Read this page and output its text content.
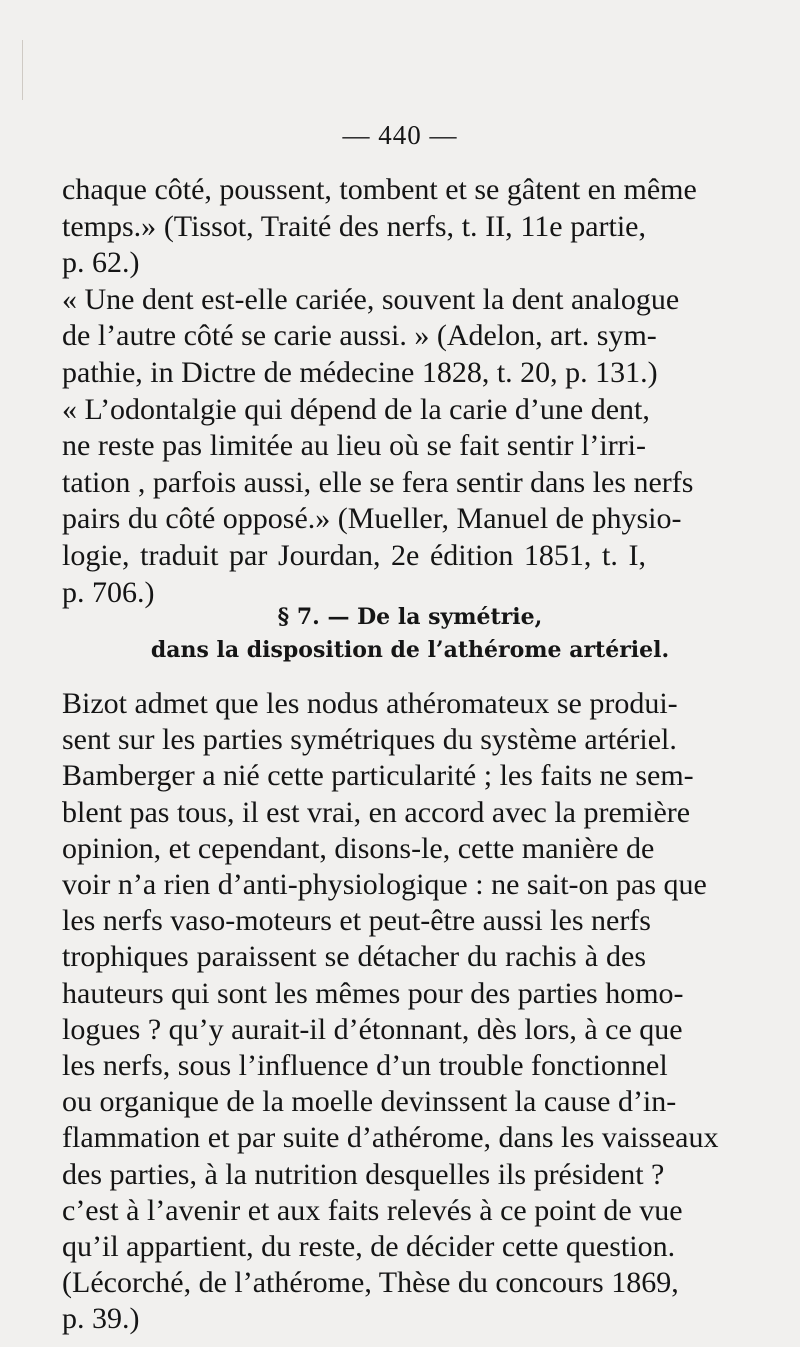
— 440 —
chaque côté, poussent, tombent et se gâtent en même
temps.» (Tissot, Traité des nerfs, t. II, 11e partie,
p. 62.)
« Une dent est-elle cariée, souvent la dent analogue
de l’autre côté se carie aussi. » (Adelon, art. sym-
pathie, in Dictre de médecine 1828, t. 20, p. 131.)
« L’odontalgie qui dépend de la carie d’une dent,
ne reste pas limitée au lieu où se fait sentir l’irri-
tation , parfois aussi, elle se fera sentir dans les nerfs
pairs du côté opposé.» (Mueller, Manuel de physio-
logie, traduit par Jourdan, 2e édition 1851, t. I,
p. 706.)
§ 7. — De la symétrie,
dans la disposition de l’athérome artériel.
Bizot admet que les nodus athéromateux se produi-
sent sur les parties symétriques du système artériel.
Bamberger a nié cette particularité ; les faits ne sem-
blent pas tous, il est vrai, en accord avec la première
opinion, et cependant, disons-le, cette manière de
voir n’a rien d’anti-physiologique : ne sait-on pas que
les nerfs vaso-moteurs et peut-être aussi les nerfs
trophiques paraissent se détacher du rachis à des
hauteurs qui sont les mêmes pour des parties homo-
logues ? qu’y aurait-il d’étonnant, dès lors, à ce que
les nerfs, sous l’influence d’un trouble fonctionnel
ou organique de la moelle devinssent la cause d’in-
flammation et par suite d’athérome, dans les vaisseaux
des parties, à la nutrition desquelles ils président ?
c’est à l’avenir et aux faits relevés à ce point de vue
qu’il appartient, du reste, de décider cette question.
(Lécorché, de l’athérome, Thèse du concours 1869,
p. 39.)
